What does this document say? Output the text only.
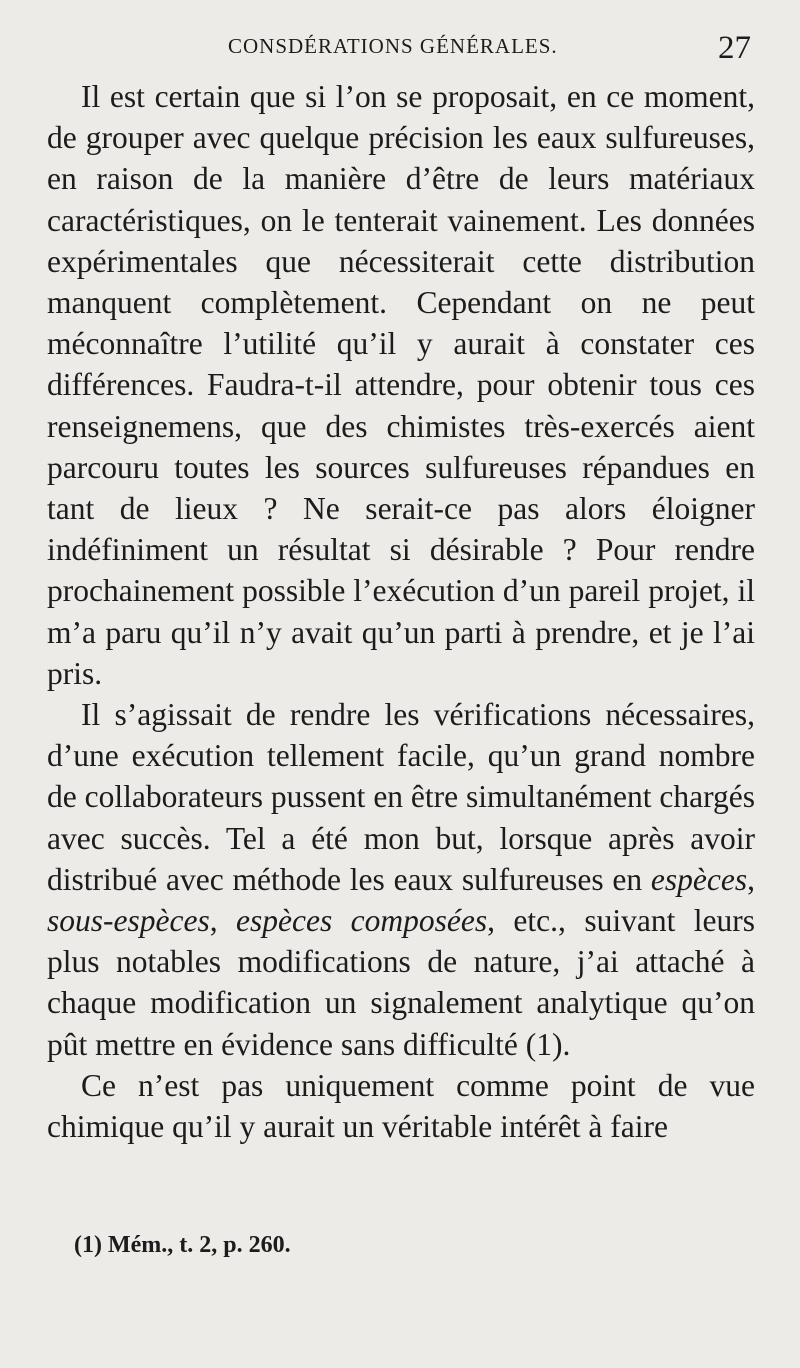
CONSDÉRATIONS GÉNÉRALES.	27

Il est certain que si l’on se proposait, en ce moment, de grouper avec quelque précision les eaux sulfureuses, en raison de la manière d’être de leurs matériaux caractéristiques, on le tenterait vainement. Les données expérimentales que nécessiterait cette distribution manquent complètement. Cependant on ne peut méconnaître l’utilité qu’il y aurait à constater ces différences. Faudra-t-il attendre, pour obtenir tous ces renseignemens, que des chimistes très-exercés aient parcouru toutes les sources sulfureuses répandues en tant de lieux ? Ne serait-ce pas alors éloigner indéfiniment un résultat si désirable ? Pour rendre prochainement possible l’exécution d’un pareil projet, il m’a paru qu’il n’y avait qu’un parti à prendre, et je l’ai pris.

Il s’agissait de rendre les vérifications nécessaires, d’une exécution tellement facile, qu’un grand nombre de collaborateurs pussent en être simultanément chargés avec succès. Tel a été mon but, lorsque après avoir distribué avec méthode les eaux sulfureuses en espèces, sous-espèces, espèces composées, etc., suivant leurs plus notables modifications de nature, j’ai attaché à chaque modification un signalement analytique qu’on pût mettre en évidence sans difficulté (1).

Ce n’est pas uniquement comme point de vue chimique qu’il y aurait un véritable intérêt à faire

(1) Mém., t. 2, p. 260.
